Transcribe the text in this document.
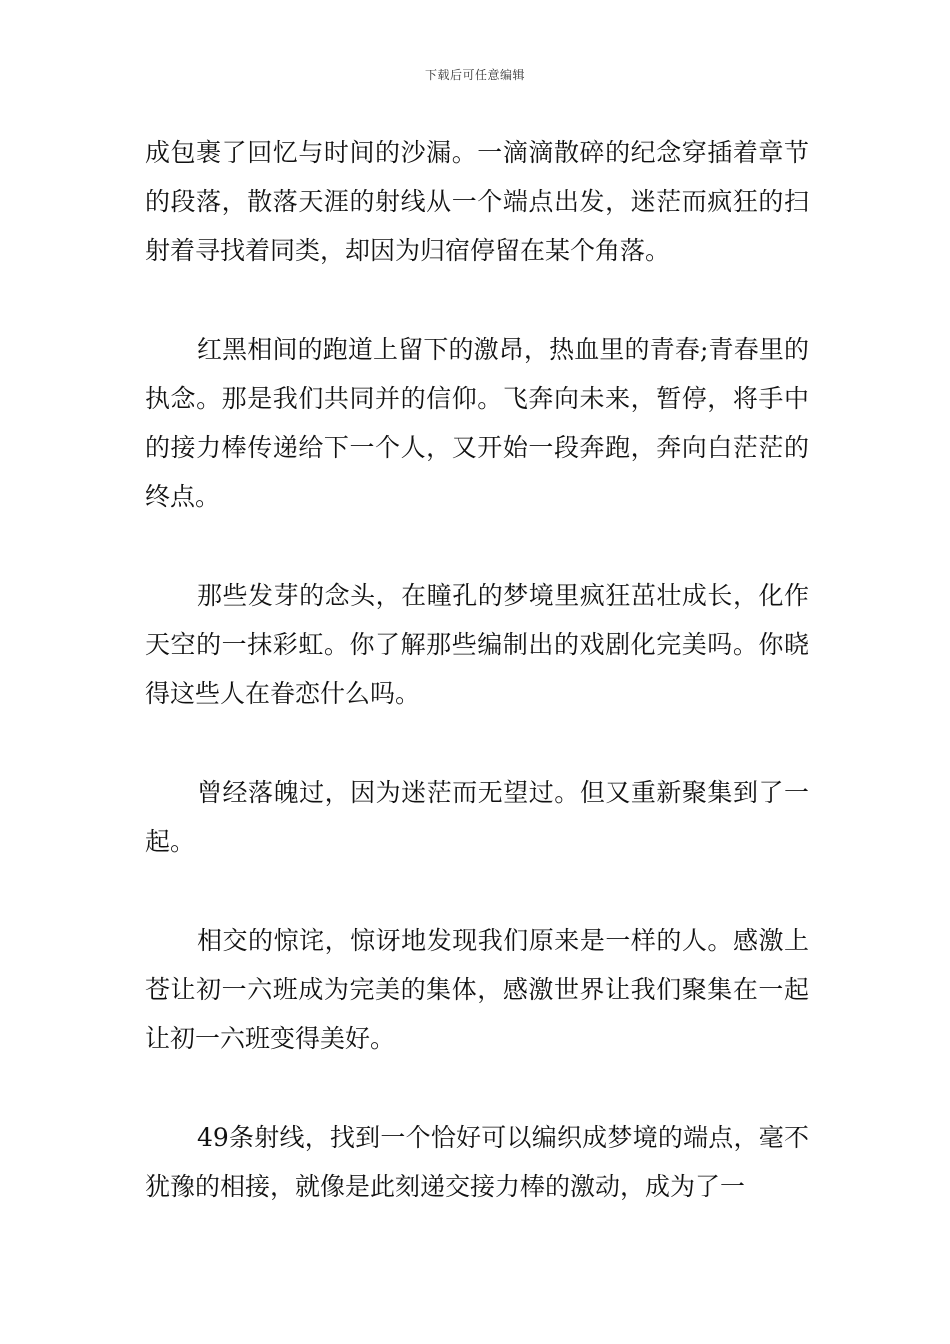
下载后可任意编辑

成包裹了回忆与时间的沙漏。一滴滴散碎的纪念穿插着章节的段落，散落天涯的射线从一个端点出发，迷茫而疯狂的扫射着寻找着同类，却因为归宿停留在某个角落。

红黑相间的跑道上留下的激昂，热血里的青春;青春里的执念。那是我们共同并的信仰。飞奔向未来，暂停，将手中的接力棒传递给下一个人，又开始一段奔跑，奔向白茫茫的终点。

那些发芽的念头，在瞳孔的梦境里疯狂茁壮成长，化作天空的一抹彩虹。你了解那些编制出的戏剧化完美吗。你晓得这些人在眷恋什么吗。

曾经落魄过，因为迷茫而无望过。但又重新聚集到了一起。

相交的惊诧，惊讶地发现我们原来是一样的人。感激上苍让初一六班成为完美的集体，感激世界让我们聚集在一起让初一六班变得美好。

49条射线，找到一个恰好可以编织成梦境的端点，毫不犹豫的相接，就像是此刻递交接力棒的激动，成为了一
